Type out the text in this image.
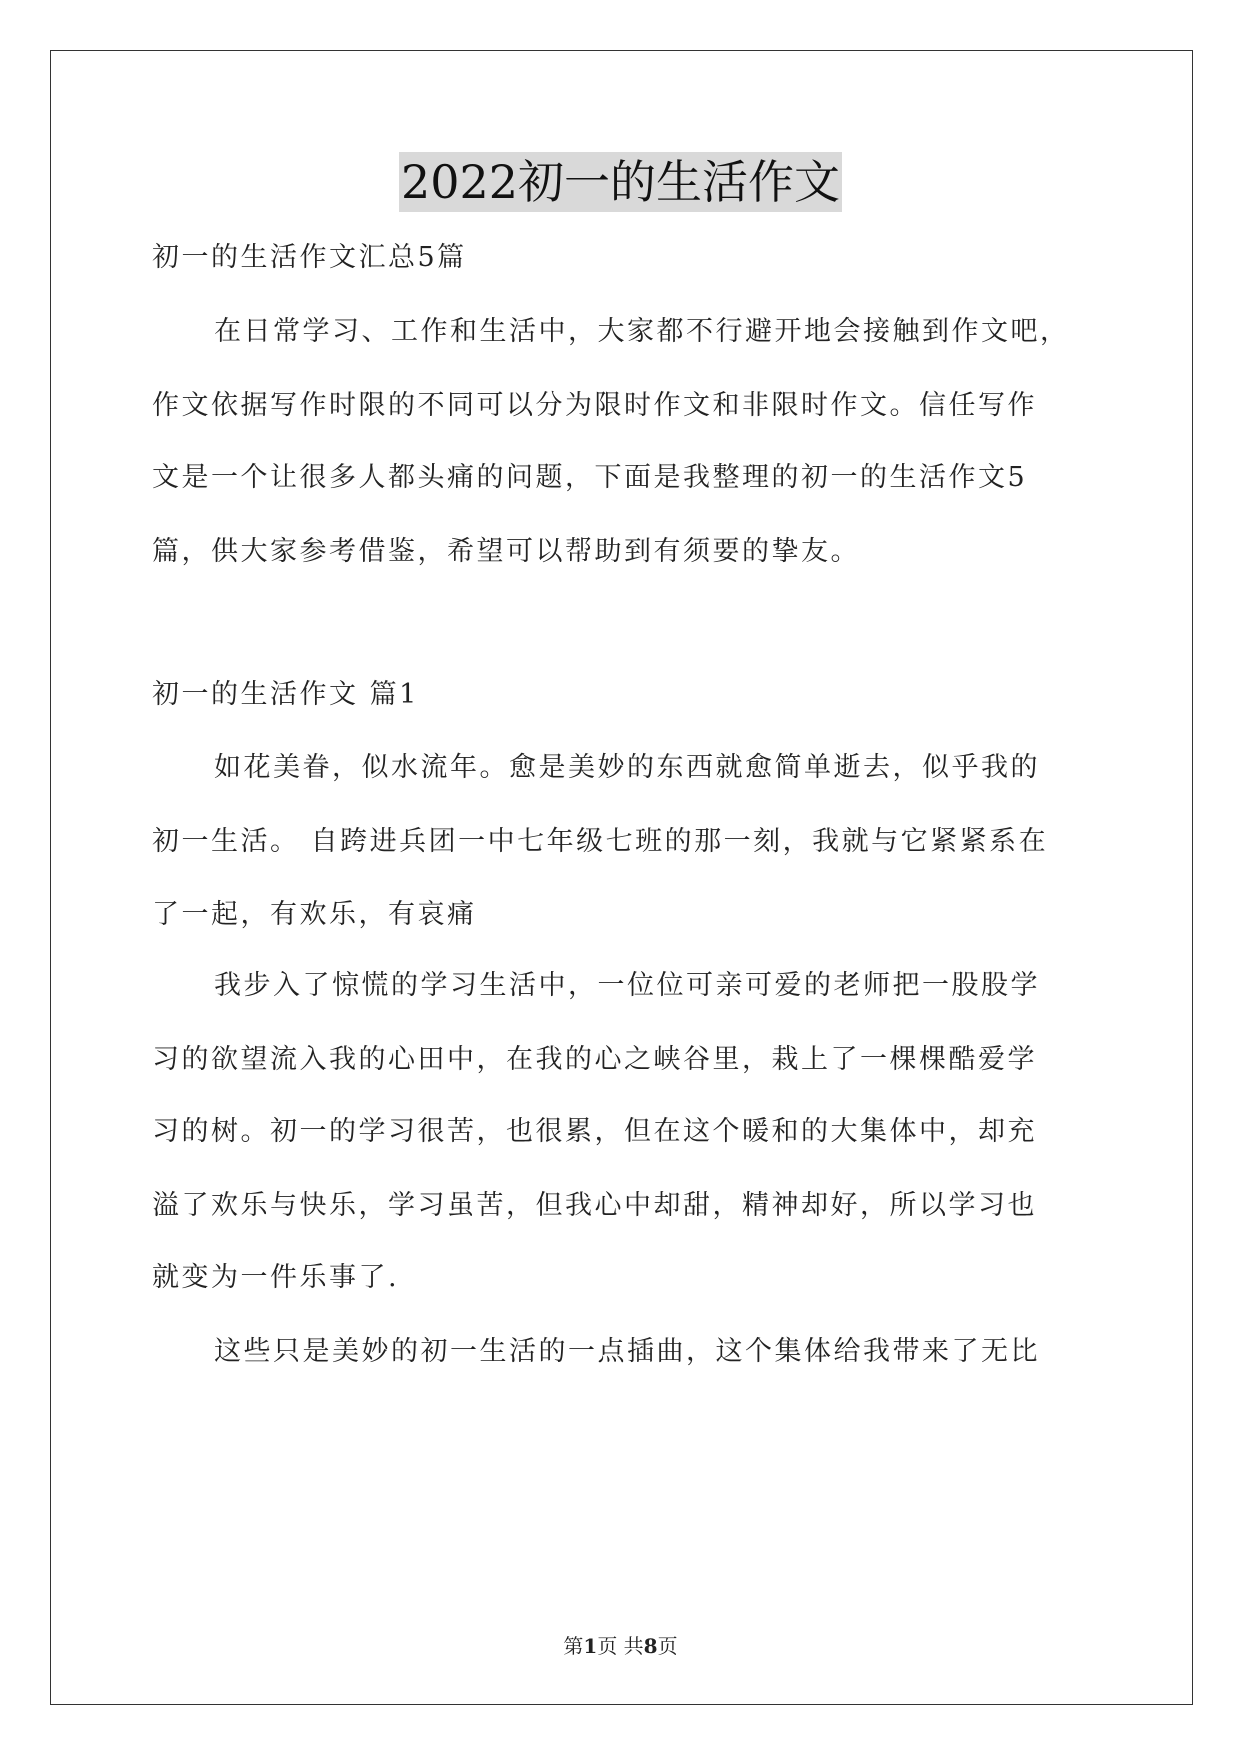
2022初一的生活作文
初一的生活作文汇总5篇
在日常学习、工作和生活中，大家都不行避开地会接触到作文吧，
作文依据写作时限的不同可以分为限时作文和非限时作文。信任写作
文是一个让很多人都头痛的问题，下面是我整理的初一的生活作文5
篇，供大家参考借鉴，希望可以帮助到有须要的挚友。
初一的生活作文 篇1
如花美眷，似水流年。愈是美妙的东西就愈简单逝去，似乎我的
初一生活。 自跨进兵团一中七年级七班的那一刻，我就与它紧紧系在
了一起，有欢乐，有哀痛
我步入了惊慌的学习生活中，一位位可亲可爱的老师把一股股学
习的欲望流入我的心田中，在我的心之峡谷里，栽上了一棵棵酷爱学
习的树。初一的学习很苦，也很累，但在这个暖和的大集体中，却充
溢了欢乐与快乐，学习虽苦，但我心中却甜，精神却好，所以学习也
就变为一件乐事了.
这些只是美妙的初一生活的一点插曲，这个集体给我带来了无比
第1页 共8页
